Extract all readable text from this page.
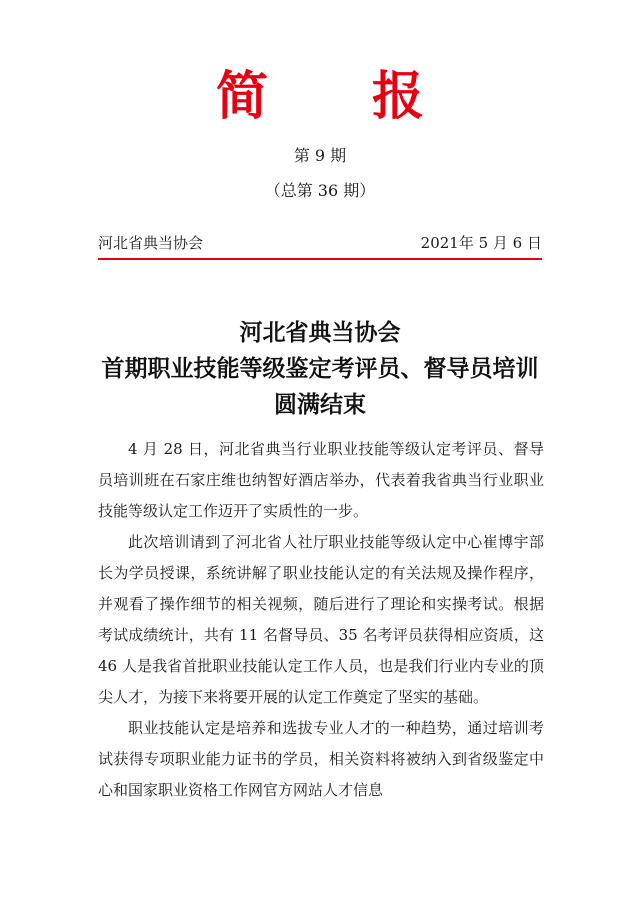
简 报
第 9 期
（总第 36 期）
河北省典当协会	2021年 5 月 6 日
河北省典当协会
首期职业技能等级鉴定考评员、督导员培训
圆满结束

4 月 28 日，河北省典当行业职业技能等级认定考评员、督导员培训班在石家庄维也纳智好酒店举办，代表着我省典当行业职业技能等级认定工作迈开了实质性的一步。

此次培训请到了河北省人社厅职业技能等级认定中心崔博宇部长为学员授课，系统讲解了职业技能认定的有关法规及操作程序，并观看了操作细节的相关视频，随后进行了理论和实操考试。根据考试成绩统计，共有 11 名督导员、35 名考评员获得相应资质，这 46 人是我省首批职业技能认定工作人员，也是我们行业内专业的顶尖人才，为接下来将要开展的认定工作奠定了坚实的基础。

职业技能认定是培养和选拔专业人才的一种趋势，通过培训考试获得专项职业能力证书的学员，相关资料将被纳入到省级鉴定中心和国家职业资格工作网官方网站人才信息
